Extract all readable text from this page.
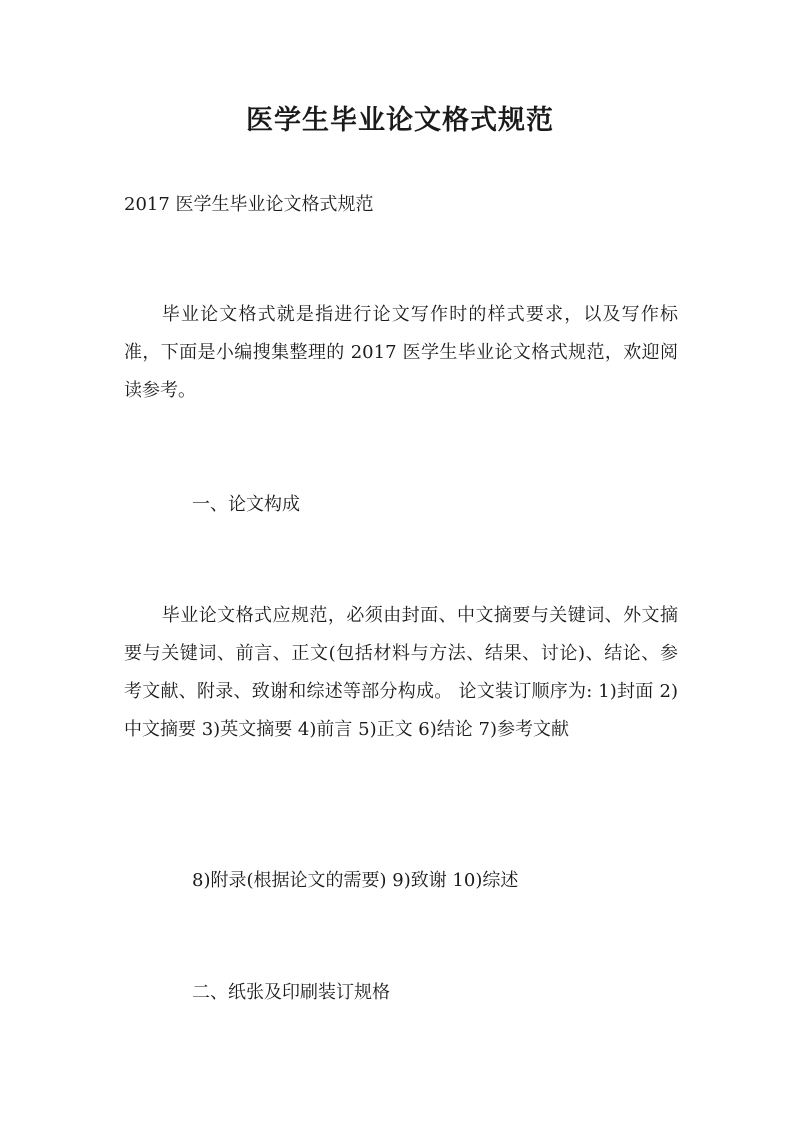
医学生毕业论文格式规范

2017 医学生毕业论文格式规范

毕业论文格式就是指进行论文写作时的样式要求，以及写作标准，下面是小编搜集整理的 2017 医学生毕业论文格式规范，欢迎阅读参考。

一、论文构成

毕业论文格式应规范，必须由封面、中文摘要与关键词、外文摘要与关键词、前言、正文(包括材料与方法、结果、讨论)、结论、参考文献、附录、致谢和综述等部分构成。 论文装订顺序为: 1)封面 2)中文摘要 3)英文摘要 4)前言 5)正文 6)结论 7)参考文献

8)附录(根据论文的需要) 9)致谢 10)综述

二、纸张及印刷装订规格
